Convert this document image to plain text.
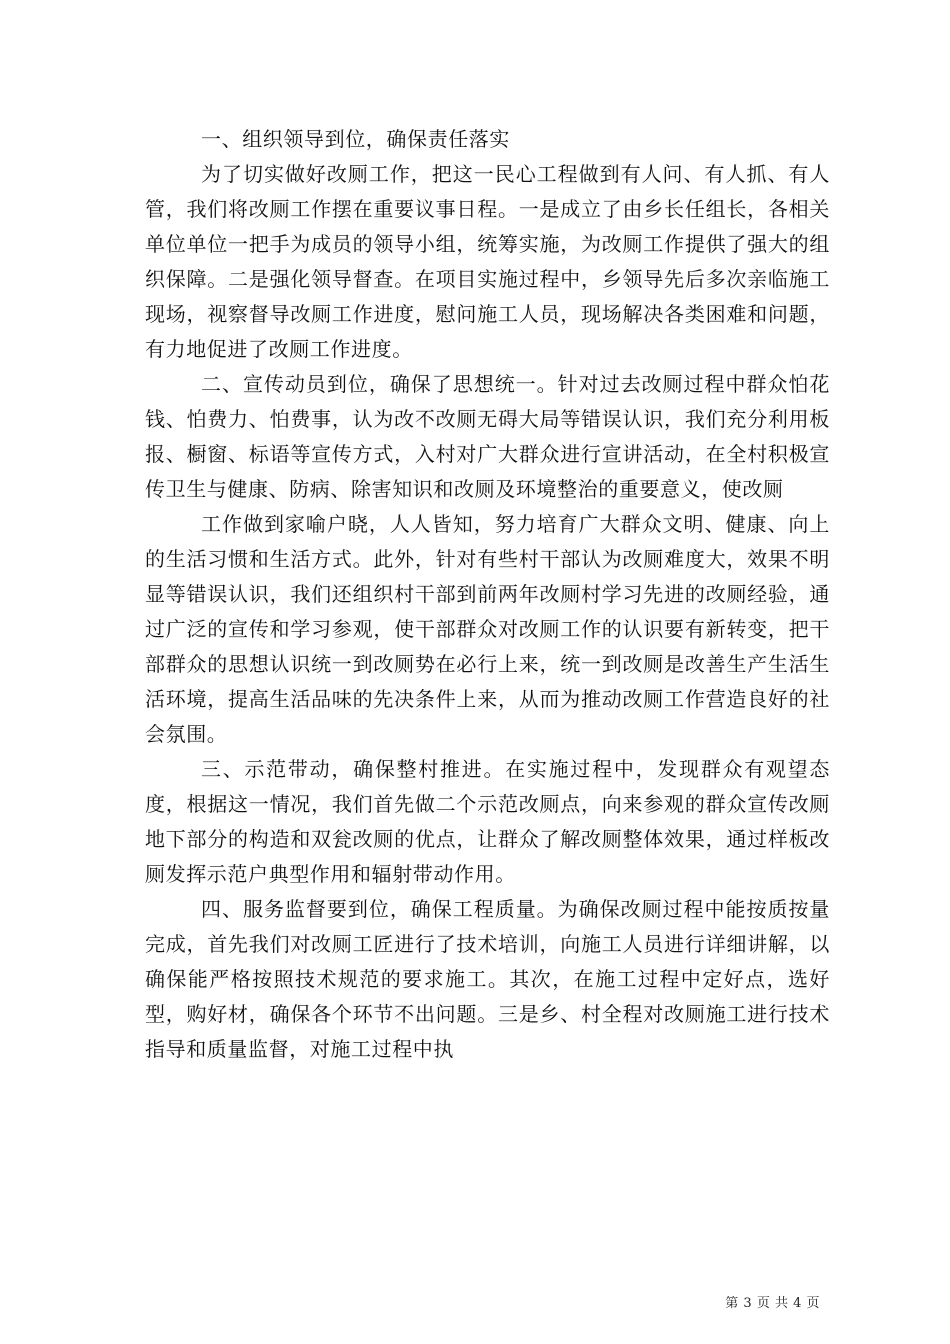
一、组织领导到位，确保责任落实

为了切实做好改厕工作，把这一民心工程做到有人问、有人抓、有人管，我们将改厕工作摆在重要议事日程。一是成立了由乡长任组长，各相关单位单位一把手为成员的领导小组，统筹实施，为改厕工作提供了强大的组织保障。二是强化领导督查。在项目实施过程中，乡领导先后多次亲临施工现场，视察督导改厕工作进度，慰问施工人员，现场解决各类困难和问题，有力地促进了改厕工作进度。

二、宣传动员到位，确保了思想统一。针对过去改厕过程中群众怕花钱、怕费力、怕费事，认为改不改厕无碍大局等错误认识，我们充分利用板报、橱窗、标语等宣传方式，入村对广大群众进行宣讲活动，在全村积极宣传卫生与健康、防病、除害知识和改厕及环境整治的重要意义，使改厕

工作做到家喻户晓，人人皆知，努力培育广大群众文明、健康、向上的生活习惯和生活方式。此外，针对有些村干部认为改厕难度大，效果不明显等错误认识，我们还组织村干部到前两年改厕村学习先进的改厕经验，通过广泛的宣传和学习参观，使干部群众对改厕工作的认识要有新转变，把干部群众的思想认识统一到改厕势在必行上来，统一到改厕是改善生产生活生活环境，提高生活品味的先决条件上来，从而为推动改厕工作营造良好的社会氛围。

三、示范带动，确保整村推进。在实施过程中，发现群众有观望态度，根据这一情况，我们首先做二个示范改厕点，向来参观的群众宣传改厕地下部分的构造和双瓮改厕的优点，让群众了解改厕整体效果，通过样板改厕发挥示范户典型作用和辐射带动作用。

四、服务监督要到位，确保工程质量。为确保改厕过程中能按质按量完成，首先我们对改厕工匠进行了技术培训，向施工人员进行详细讲解，以确保能严格按照技术规范的要求施工。其次，在施工过程中定好点，选好型，购好材，确保各个环节不出问题。三是乡、村全程对改厕施工进行技术指导和质量监督，对施工过程中执

第 3 页 共 4 页
